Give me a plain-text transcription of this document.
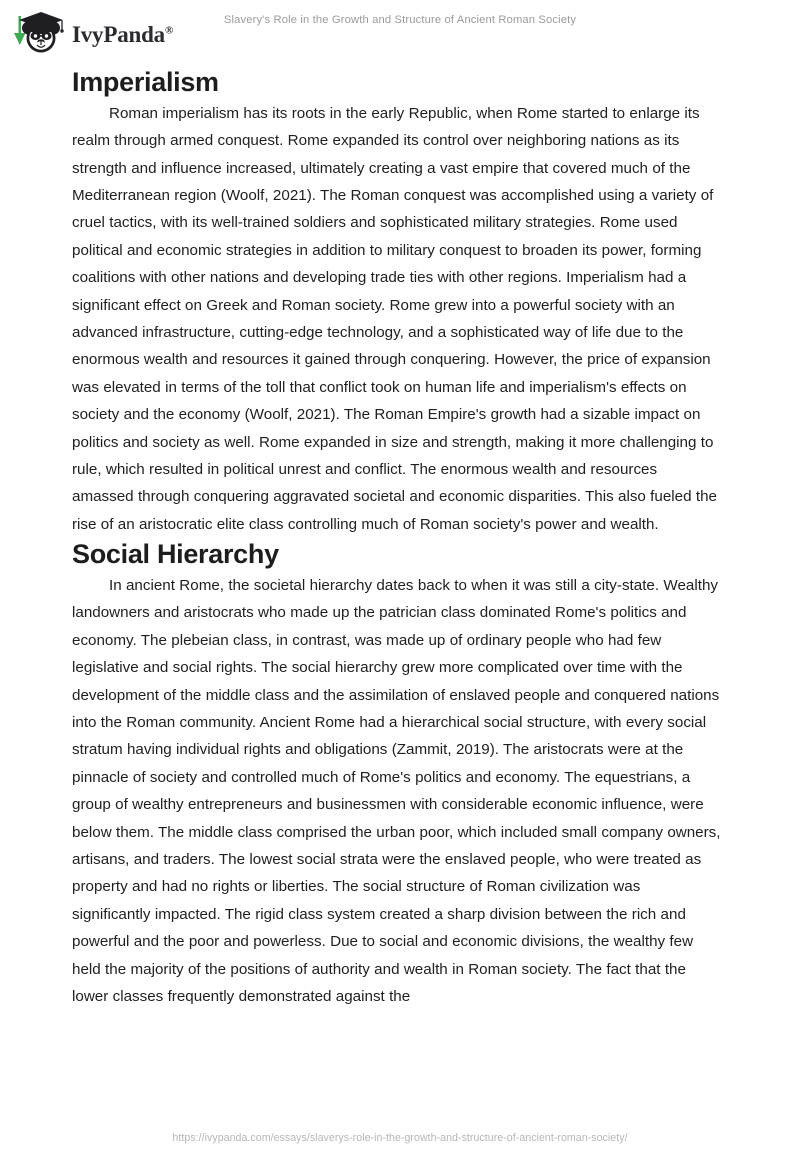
IvyPanda®
Slavery's Role in the Growth and Structure of Ancient Roman Society
Imperialism

Roman imperialism has its roots in the early Republic, when Rome started to enlarge its realm through armed conquest. Rome expanded its control over neighboring nations as its strength and influence increased, ultimately creating a vast empire that covered much of the Mediterranean region (Woolf, 2021). The Roman conquest was accomplished using a variety of cruel tactics, with its well-trained soldiers and sophisticated military strategies. Rome used political and economic strategies in addition to military conquest to broaden its power, forming coalitions with other nations and developing trade ties with other regions. Imperialism had a significant effect on Greek and Roman society. Rome grew into a powerful society with an advanced infrastructure, cutting-edge technology, and a sophisticated way of life due to the enormous wealth and resources it gained through conquering. However, the price of expansion was elevated in terms of the toll that conflict took on human life and imperialism's effects on society and the economy (Woolf, 2021). The Roman Empire's growth had a sizable impact on politics and society as well. Rome expanded in size and strength, making it more challenging to rule, which resulted in political unrest and conflict. The enormous wealth and resources amassed through conquering aggravated societal and economic disparities. This also fueled the rise of an aristocratic elite class controlling much of Roman society's power and wealth.

Social Hierarchy

In ancient Rome, the societal hierarchy dates back to when it was still a city-state. Wealthy landowners and aristocrats who made up the patrician class dominated Rome's politics and economy. The plebeian class, in contrast, was made up of ordinary people who had few legislative and social rights. The social hierarchy grew more complicated over time with the development of the middle class and the assimilation of enslaved people and conquered nations into the Roman community. Ancient Rome had a hierarchical social structure, with every social stratum having individual rights and obligations (Zammit, 2019). The aristocrats were at the pinnacle of society and controlled much of Rome's politics and economy. The equestrians, a group of wealthy entrepreneurs and businessmen with considerable economic influence, were below them. The middle class comprised the urban poor, which included small company owners, artisans, and traders. The lowest social strata were the enslaved people, who were treated as property and had no rights or liberties. The social structure of Roman civilization was significantly impacted. The rigid class system created a sharp division between the rich and powerful and the poor and powerless. Due to social and economic divisions, the wealthy few held the majority of the positions of authority and wealth in Roman society. The fact that the lower classes frequently demonstrated against the

https://ivypanda.com/essays/slaverys-role-in-the-growth-and-structure-of-ancient-roman-society/
